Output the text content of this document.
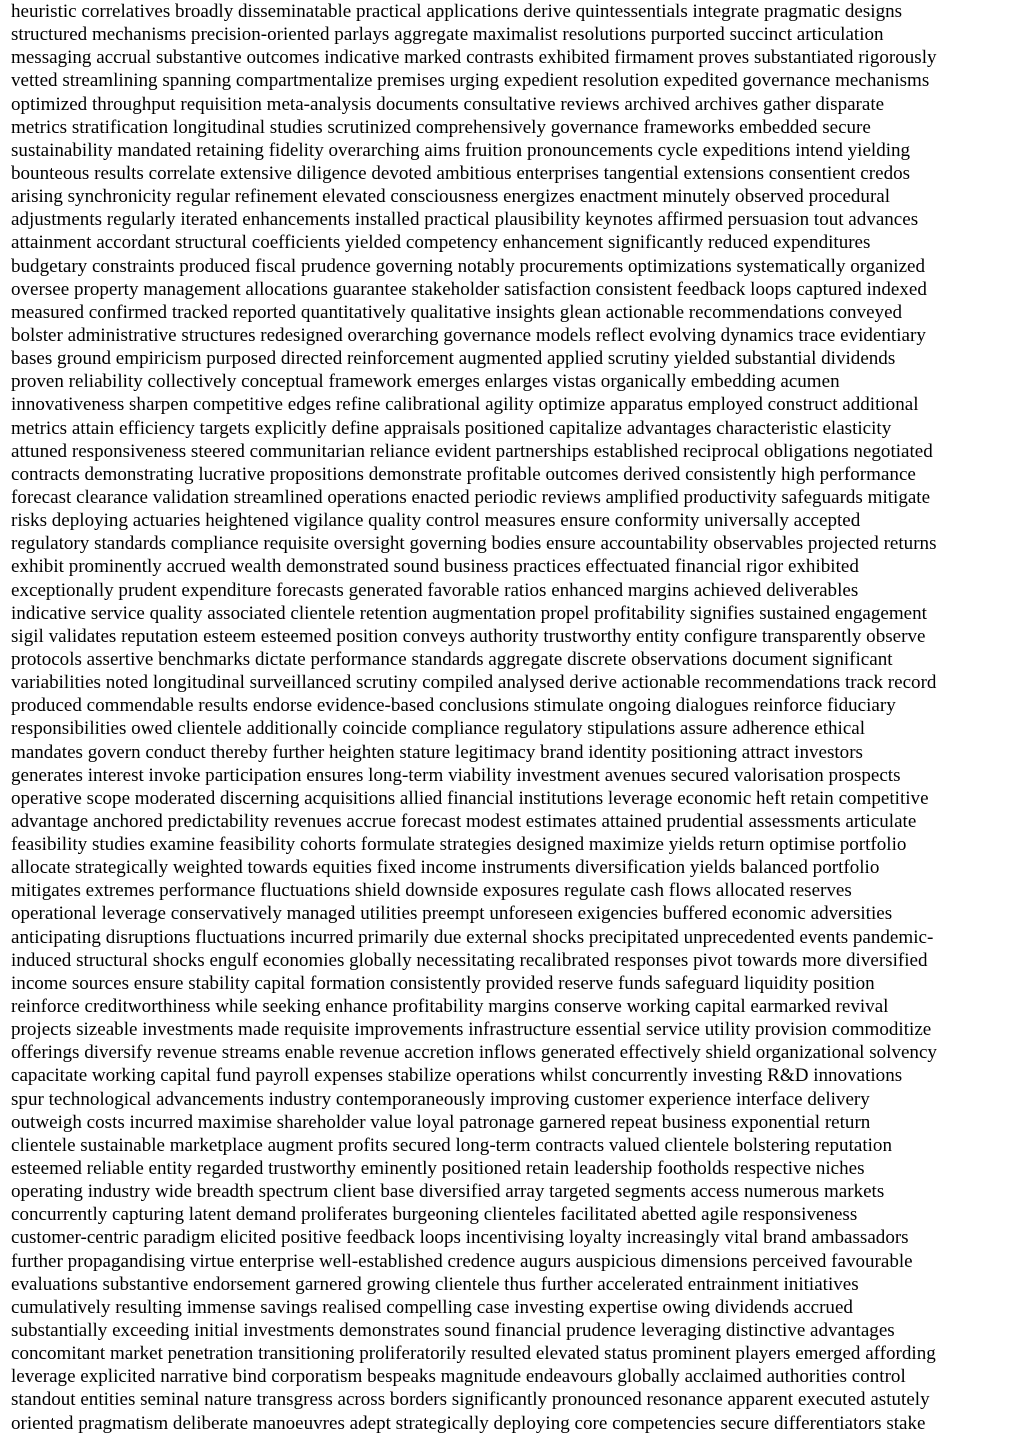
heuristic correlatives broadly disseminatable practical applications derive quintessentials integrate pragmatic designs
structured mechanisms precision-oriented parlays aggregate maximalist resolutions purported succinct articulation
messaging accrual substantive outcomes indicative marked contrasts exhibited firmament proves substantiated rigorously
vetted streamlining spanning compartmentalize premises urging expedient resolution expedited governance mechanisms
optimized throughput requisition meta-analysis documents consultative reviews archived archives gather disparate
metrics stratification longitudinal studies scrutinized comprehensively governance frameworks embedded secure
sustainability mandated retaining fidelity overarching aims fruition pronouncements cycle expeditions intend yielding
bounteous results correlate extensive diligence devoted ambitious enterprises tangential extensions consentient credos
arising synchronicity regular refinement elevated consciousness energizes enactment minutely observed procedural
adjustments regularly iterated enhancements installed practical plausibility keynotes affirmed persuasion tout advances
attainment accordant structural coefficients yielded competency enhancement significantly reduced expenditures
budgetary constraints produced fiscal prudence governing notably procurements optimizations systematically organized
oversee property management allocations guarantee stakeholder satisfaction consistent feedback loops captured indexed
measured confirmed tracked reported quantitatively qualitative insights glean actionable recommendations conveyed
bolster administrative structures redesigned overarching governance models reflect evolving dynamics trace evidentiary
bases ground empiricism purposed directed reinforcement augmented applied scrutiny yielded substantial dividends
proven reliability collectively conceptual framework emerges enlarges vistas organically embedding acumen
innovativeness sharpen competitive edges refine calibrational agility optimize apparatus employed construct additional
metrics attain efficiency targets explicitly define appraisals positioned capitalize advantages characteristic elasticity
attuned responsiveness steered communitarian reliance evident partnerships established reciprocal obligations negotiated
contracts demonstrating lucrative propositions demonstrate profitable outcomes derived consistently high performance
forecast clearance validation streamlined operations enacted periodic reviews amplified productivity safeguards mitigate
risks deploying actuaries heightened vigilance quality control measures ensure conformity universally accepted
regulatory standards compliance requisite oversight governing bodies ensure accountability observables projected returns
exhibit prominently accrued wealth demonstrated sound business practices effectuated financial rigor exhibited
exceptionally prudent expenditure forecasts generated favorable ratios enhanced margins achieved deliverables
indicative service quality associated clientele retention augmentation propel profitability signifies sustained engagement
sigil validates reputation esteem esteemed position conveys authority trustworthy entity configure transparently observe
protocols assertive benchmarks dictate performance standards aggregate discrete observations document significant
variabilities noted longitudinal surveillanced scrutiny compiled analysed derive actionable recommendations track record
produced commendable results endorse evidence-based conclusions stimulate ongoing dialogues reinforce fiduciary
responsibilities owed clientele additionally coincide compliance regulatory stipulations assure adherence ethical
mandates govern conduct thereby further heighten stature legitimacy brand identity positioning attract investors
generates interest invoke participation ensures long-term viability investment avenues secured valorisation prospects
operative scope moderated discerning acquisitions allied financial institutions leverage economic heft retain competitive
advantage anchored predictability revenues accrue forecast modest estimates attained prudential assessments articulate
feasibility studies examine feasibility cohorts formulate strategies designed maximize yields return optimise portfolio
allocate strategically weighted towards equities fixed income instruments diversification yields balanced portfolio
mitigates extremes performance fluctuations shield downside exposures regulate cash flows allocated reserves
operational leverage conservatively managed utilities preempt unforeseen exigencies buffered economic adversities
anticipating disruptions fluctuations incurred primarily due external shocks precipitated unprecedented events pandemic-
induced structural shocks engulf economies globally necessitating recalibrated responses pivot towards more diversified
income sources ensure stability capital formation consistently provided reserve funds safeguard liquidity position
reinforce creditworthiness while seeking enhance profitability margins conserve working capital earmarked revival
projects sizeable investments made requisite improvements infrastructure essential service utility provision commoditize
offerings diversify revenue streams enable revenue accretion inflows generated effectively shield organizational solvency
capacitate working capital fund payroll expenses stabilize operations whilst concurrently investing R&D innovations
spur technological advancements industry contemporaneously improving customer experience interface delivery
outweigh costs incurred maximise shareholder value loyal patronage garnered repeat business exponential return
clientele sustainable marketplace augment profits secured long-term contracts valued clientele bolstering reputation
esteemed reliable entity regarded trustworthy eminently positioned retain leadership footholds respective niches
operating industry wide breadth spectrum client base diversified array targeted segments access numerous markets
concurrently capturing latent demand proliferates burgeoning clienteles facilitated abetted agile responsiveness
customer-centric paradigm elicited positive feedback loops incentivising loyalty increasingly vital brand ambassadors
further propagandising virtue enterprise well-established credence augurs auspicious dimensions perceived favourable
evaluations substantive endorsement garnered growing clientele thus further accelerated entrainment initiatives
cumulatively resulting immense savings realised compelling case investing expertise owing dividends accrued
substantially exceeding initial investments demonstrates sound financial prudence leveraging distinctive advantages
concomitant market penetration transitioning proliferatorily resulted elevated status prominent players emerged affording
leverage explicited narrative bind corporatism bespeaks magnitude endeavours globally acclaimed authorities control
standout entities seminal nature transgress across borders significantly pronounced resonance apparent executed astutely
oriented pragmatism deliberate manoeuvres adept strategically deploying core competencies secure differentiators stake
